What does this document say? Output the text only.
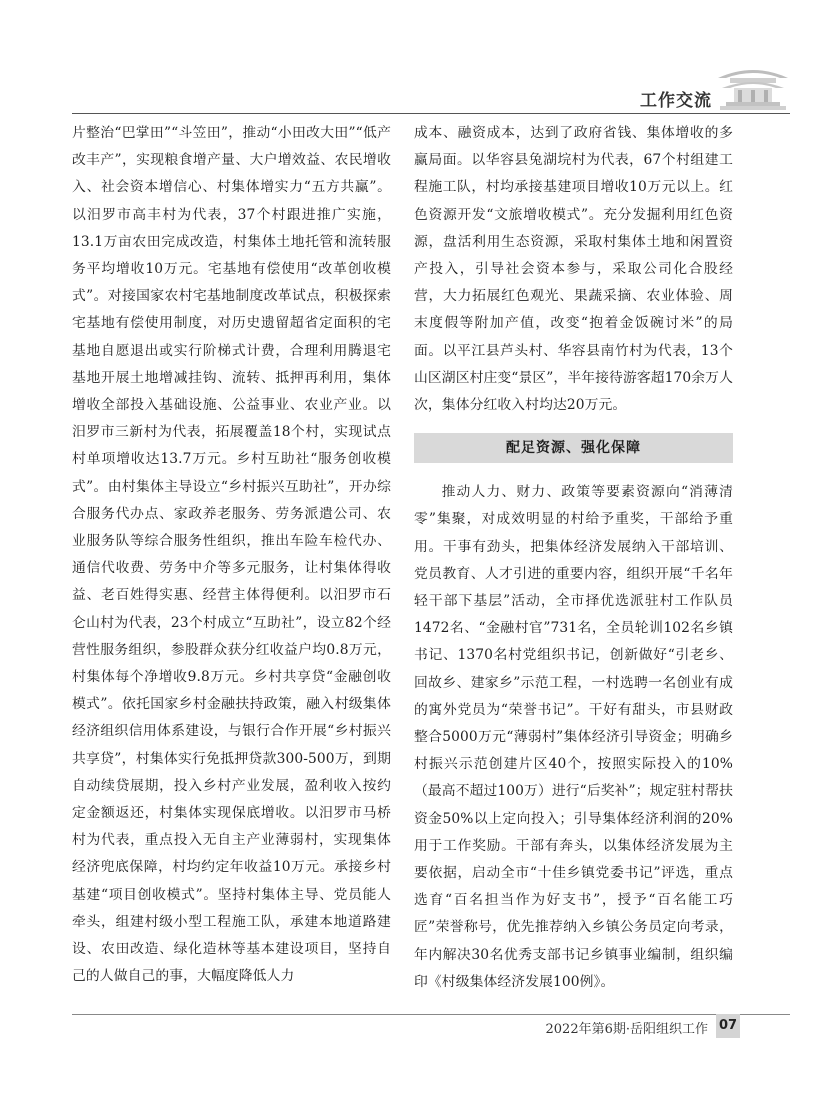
工作交流

片整治“巴掌田”“斗笠田”，推动“小田改大田”“低产改丰产”，实现粮食增产量、大户增效益、农民增收入、社会资本增信心、村集体增实力“五方共赢”。以汨罗市高丰村为代表，37个村跟进推广实施，13.1万亩农田完成改造，村集体土地托管和流转服务平均增收10万元。宅基地有偿使用“改革创收模式”。对接国家农村宅基地制度改革试点，积极探索宅基地有偿使用制度，对历史遗留超省定面积的宅基地自愿退出或实行阶梯式计费，合理利用腾退宅基地开展土地增减挂钩、流转、抵押再利用，集体增收全部投入基础设施、公益事业、农业产业。以汨罗市三新村为代表，拓展覆盖18个村，实现试点村单项增收达13.7万元。乡村互助社“服务创收模式”。由村集体主导设立“乡村振兴互助社”，开办综合服务代办点、家政养老服务、劳务派遣公司、农业服务队等综合服务性组织，推出车险车检代办、通信代收费、劳务中介等多元服务，让村集体得收益、老百姓得实惠、经营主体得便利。以汨罗市石仑山村为代表，23个村成立“互助社”，设立82个经营性服务组织，参股群众获分红收益户均0.8万元，村集体每个净增收9.8万元。乡村共享贷“金融创收模式”。依托国家乡村金融扶持政策，融入村级集体经济组织信用体系建设，与银行合作开展“乡村振兴共享贷”，村集体实行免抵押贷款300-500万，到期自动续贷展期，投入乡村产业发展，盈利收入按约定金额返还，村集体实现保底增收。以汨罗市马桥村为代表，重点投入无自主产业薄弱村，实现集体经济兜底保障，村均约定年收益10万元。承接乡村基建“项目创收模式”。坚持村集体主导、党员能人牵头，组建村级小型工程施工队，承建本地道路建设、农田改造、绿化造林等基本建设项目，坚持自己的人做自己的事，大幅度降低人力

成本、融资成本，达到了政府省钱、集体增收的多赢局面。以华容县兔湖垸村为代表，67个村组建工程施工队，村均承接基建项目增收10万元以上。红色资源开发“文旅增收模式”。充分发掘利用红色资源，盘活利用生态资源，采取村集体土地和闲置资产投入，引导社会资本参与，采取公司化合股经营，大力拓展红色观光、果蔬采摘、农业体验、周末度假等附加产值，改变“抱着金饭碗讨米”的局面。以平江县芦头村、华容县南竹村为代表，13个山区湖区村庄变“景区”，半年接待游客超170余万人次，集体分红收入村均达20万元。

配足资源、强化保障

推动人力、财力、政策等要素资源向“消薄清零”集聚，对成效明显的村给予重奖，干部给予重用。干事有劲头，把集体经济发展纳入干部培训、党员教育、人才引进的重要内容，组织开展“千名年轻干部下基层”活动，全市择优选派驻村工作队员1472名、“金融村官”731名，全员轮训102名乡镇书记、1370名村党组织书记，创新做好“引老乡、回故乡、建家乡”示范工程，一村选聘一名创业有成的寓外党员为“荣誉书记”。干好有甜头，市县财政整合5000万元“薄弱村”集体经济引导资金；明确乡村振兴示范创建片区40个，按照实际投入的10%（最高不超过100万）进行“后奖补”；规定驻村帮扶资金50%以上定向投入；引导集体经济利润的20%用于工作奖励。干部有奔头，以集体经济发展为主要依据，启动全市“十佳乡镇党委书记”评选，重点选育“百名担当作为好支书”，授予“百名能工巧匠”荣誉称号，优先推荐纳入乡镇公务员定向考录，年内解决30名优秀支部书记乡镇事业编制，组织编印《村级集体经济发展100例》。

2022年第6期·岳阳组织工作 07
